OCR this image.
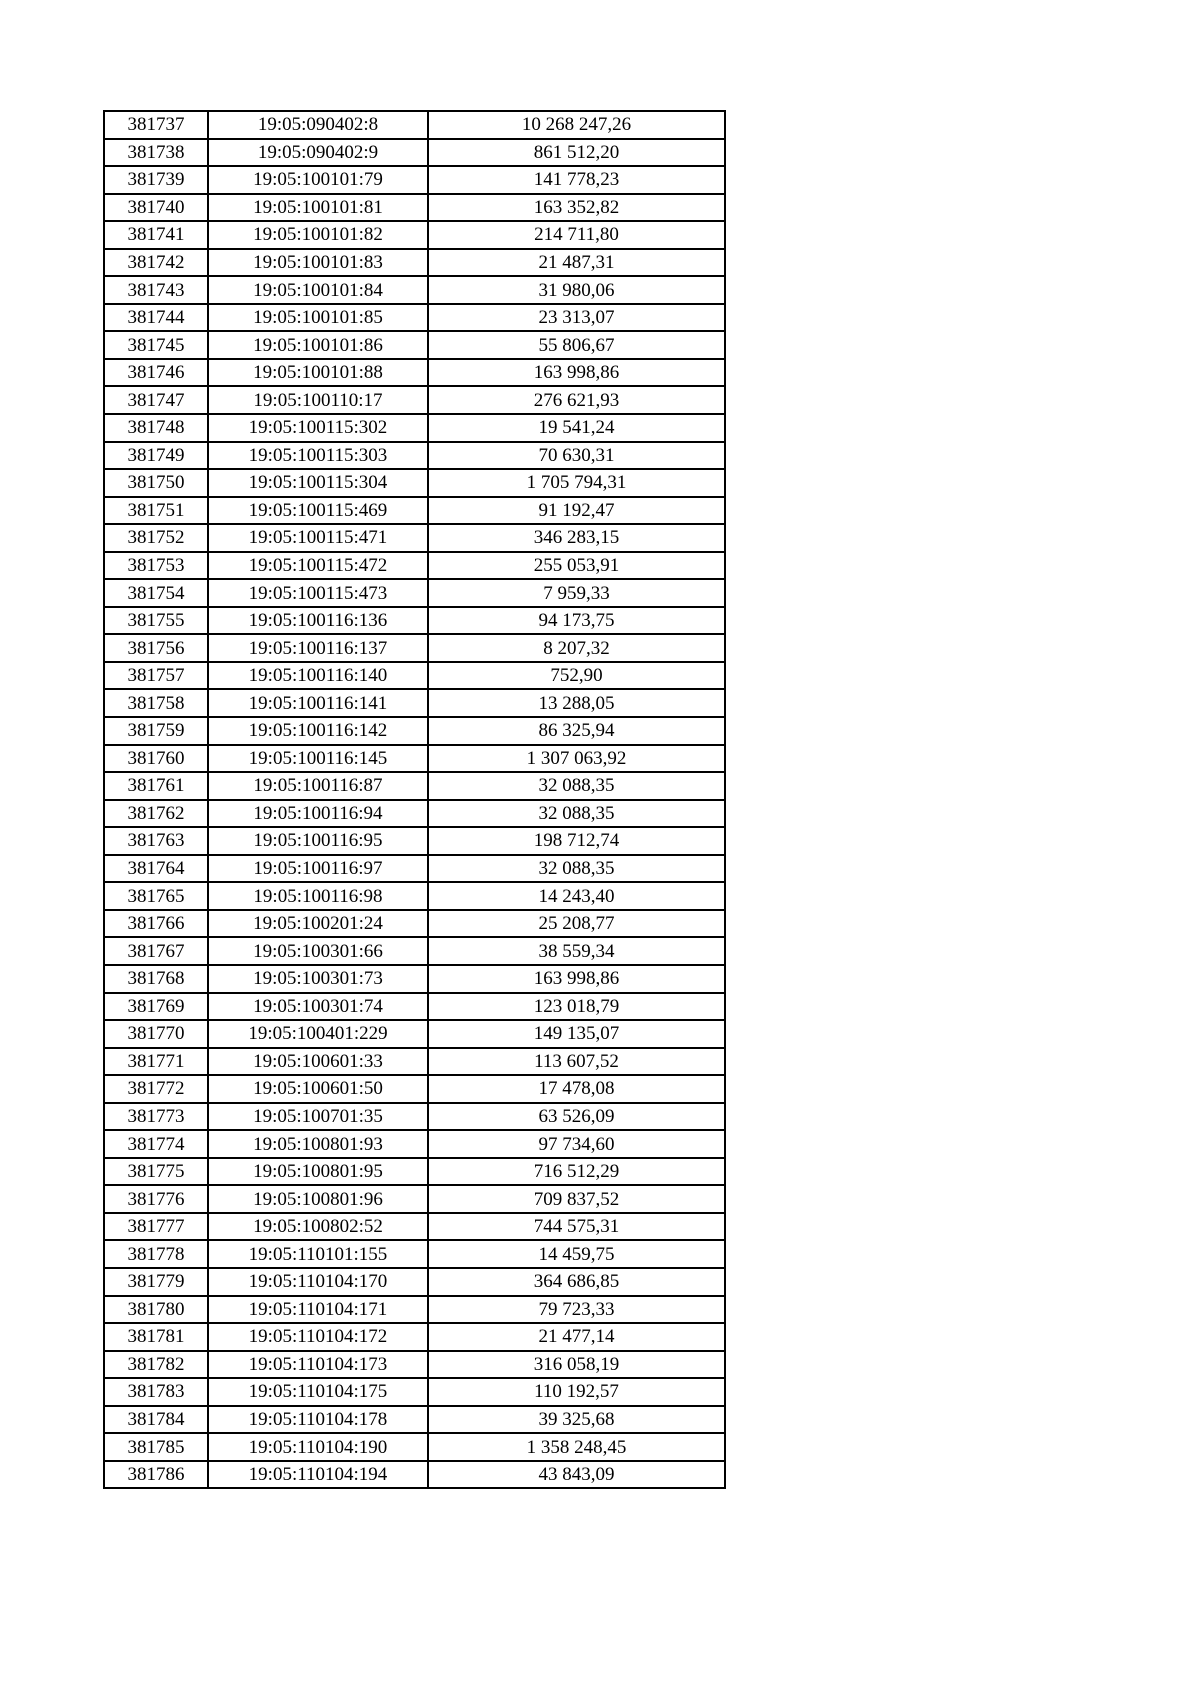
381737	19:05:090402:8	10 268 247,26
381738	19:05:090402:9	861 512,20
381739	19:05:100101:79	141 778,23
381740	19:05:100101:81	163 352,82
381741	19:05:100101:82	214 711,80
381742	19:05:100101:83	21 487,31
381743	19:05:100101:84	31 980,06
381744	19:05:100101:85	23 313,07
381745	19:05:100101:86	55 806,67
381746	19:05:100101:88	163 998,86
381747	19:05:100110:17	276 621,93
381748	19:05:100115:302	19 541,24
381749	19:05:100115:303	70 630,31
381750	19:05:100115:304	1 705 794,31
381751	19:05:100115:469	91 192,47
381752	19:05:100115:471	346 283,15
381753	19:05:100115:472	255 053,91
381754	19:05:100115:473	7 959,33
381755	19:05:100116:136	94 173,75
381756	19:05:100116:137	8 207,32
381757	19:05:100116:140	752,90
381758	19:05:100116:141	13 288,05
381759	19:05:100116:142	86 325,94
381760	19:05:100116:145	1 307 063,92
381761	19:05:100116:87	32 088,35
381762	19:05:100116:94	32 088,35
381763	19:05:100116:95	198 712,74
381764	19:05:100116:97	32 088,35
381765	19:05:100116:98	14 243,40
381766	19:05:100201:24	25 208,77
381767	19:05:100301:66	38 559,34
381768	19:05:100301:73	163 998,86
381769	19:05:100301:74	123 018,79
381770	19:05:100401:229	149 135,07
381771	19:05:100601:33	113 607,52
381772	19:05:100601:50	17 478,08
381773	19:05:100701:35	63 526,09
381774	19:05:100801:93	97 734,60
381775	19:05:100801:95	716 512,29
381776	19:05:100801:96	709 837,52
381777	19:05:100802:52	744 575,31
381778	19:05:110101:155	14 459,75
381779	19:05:110104:170	364 686,85
381780	19:05:110104:171	79 723,33
381781	19:05:110104:172	21 477,14
381782	19:05:110104:173	316 058,19
381783	19:05:110104:175	110 192,57
381784	19:05:110104:178	39 325,68
381785	19:05:110104:190	1 358 248,45
381786	19:05:110104:194	43 843,09
